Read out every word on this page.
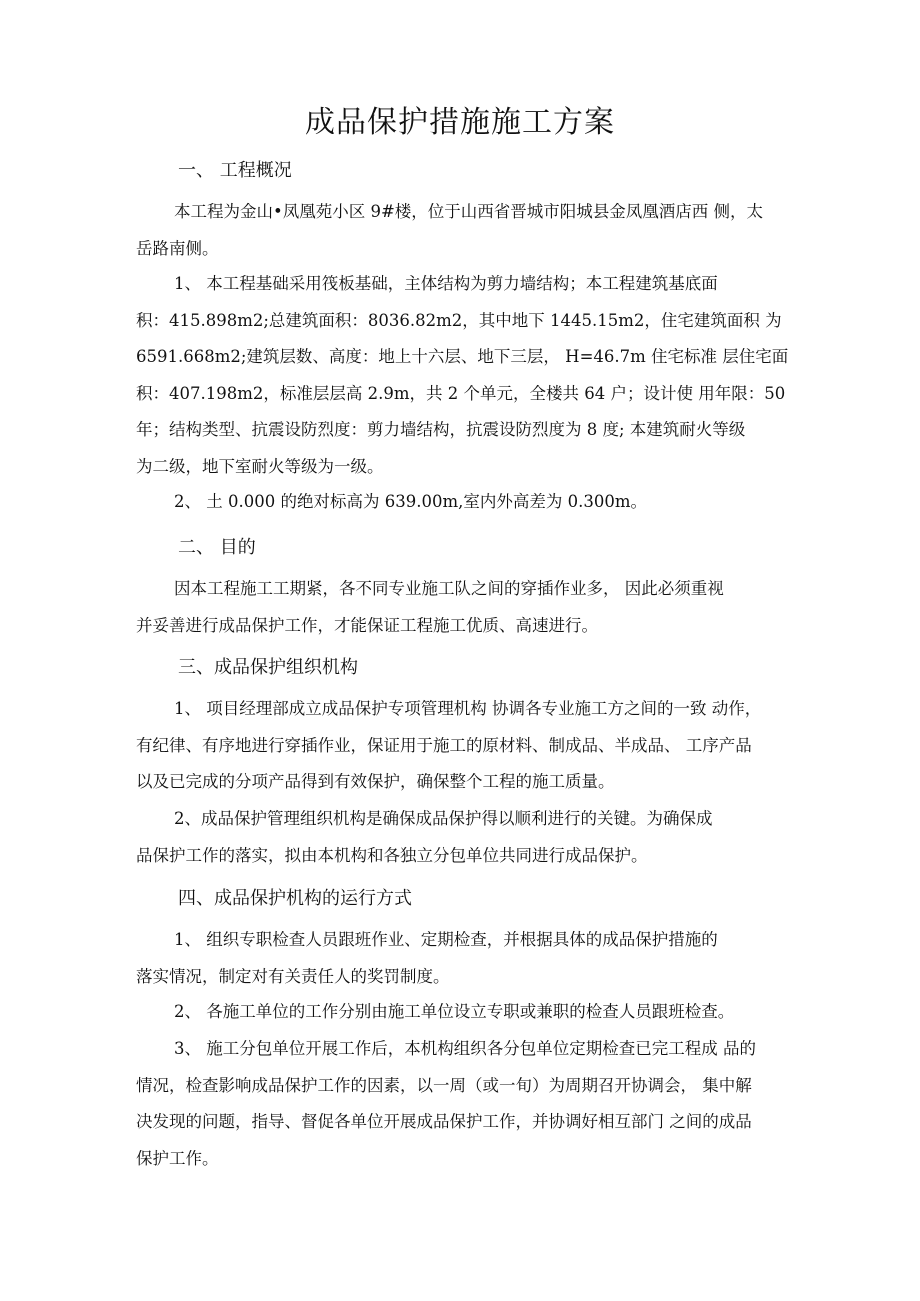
成品保护措施施工方案
一、 工程概况
本工程为金山•凤凰苑小区 9#楼，位于山西省晋城市阳城县金凤凰酒店西 侧，太
岳路南侧。
1、 本工程基础采用筏板基础，主体结构为剪力墙结构；本工程建筑基底面
积：415.898m2;总建筑面积：8036.82m2，其中地下 1445.15m2，住宅建筑面积 为
6591.668m2;建筑层数、高度：地上十六层、地下三层， H=46.7m 住宅标准 层住宅面
积：407.198m2，标准层层高 2.9m，共 2 个单元，全楼共 64 户；设计使 用年限：50
年；结构类型、抗震设防烈度：剪力墙结构，抗震设防烈度为 8 度; 本建筑耐火等级
为二级，地下室耐火等级为一级。
2、 土 0.000 的绝对标高为 639.00m,室内外高差为 0.300m。
二、 目的
因本工程施工工期紧，各不同专业施工队之间的穿插作业多， 因此必须重视
并妥善进行成品保护工作，才能保证工程施工优质、高速进行。
三、成品保护组织机构
1、 项目经理部成立成品保护专项管理机构 协调各专业施工方之间的一致 动作，
有纪律、有序地进行穿插作业，保证用于施工的原材料、制成品、半成品、 工序产品
以及已完成的分项产品得到有效保护，确保整个工程的施工质量。
2、成品保护管理组织机构是确保成品保护得以顺利进行的关键。为确保成
品保护工作的落实，拟由本机构和各独立分包单位共同进行成品保护。
四、成品保护机构的运行方式
1、 组织专职检查人员跟班作业、定期检查，并根据具体的成品保护措施的
落实情况，制定对有关责任人的奖罚制度。
2、 各施工单位的工作分别由施工单位设立专职或兼职的检查人员跟班检查。
3、 施工分包单位开展工作后，本机构组织各分包单位定期检查已完工程成 品的
情况，检查影响成品保护工作的因素，以一周（或一旬）为周期召开协调会， 集中解
决发现的问题，指导、督促各单位开展成品保护工作，并协调好相互部门 之间的成品
保护工作。
